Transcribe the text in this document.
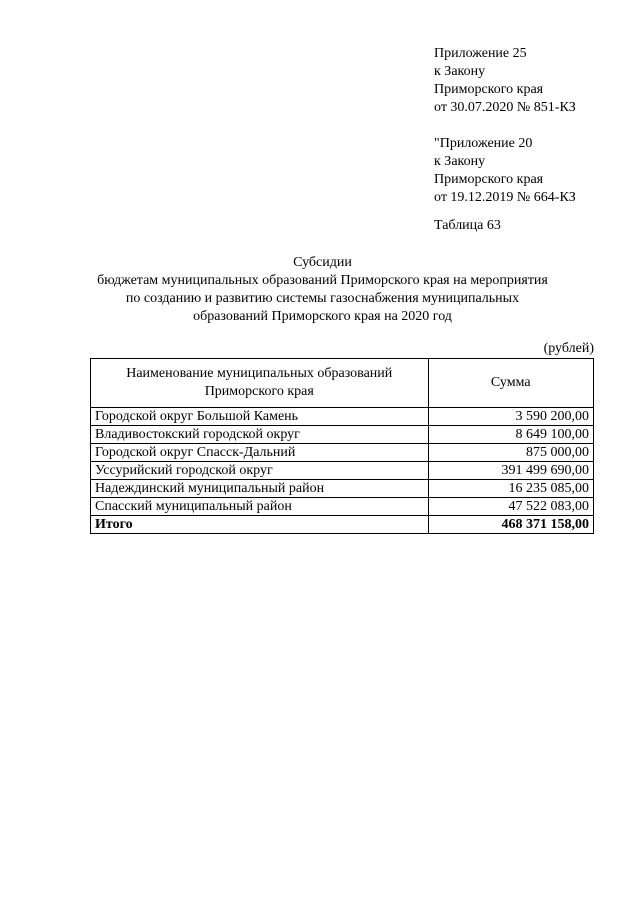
Приложение 25
к Закону
Приморского края
от 30.07.2020 № 851-КЗ
"Приложение 20
к Закону
Приморского края
от 19.12.2019 № 664-КЗ
Таблица 63
Субсидии
бюджетам муниципальных образований Приморского края на мероприятия
по созданию и развитию системы газоснабжения муниципальных
образований Приморского края на 2020 год
(рублей)
Наименование муниципальных образований Приморского края	Сумма
Городской округ Большой Камень	3 590 200,00
Владивостокский городской округ	8 649 100,00
Городской округ Спасск-Дальний	875 000,00
Уссурийский городской округ	391 499 690,00
Надеждинский муниципальный район	16 235 085,00
Спасский муниципальный район	47 522 083,00
Итого	468 371 158,00
